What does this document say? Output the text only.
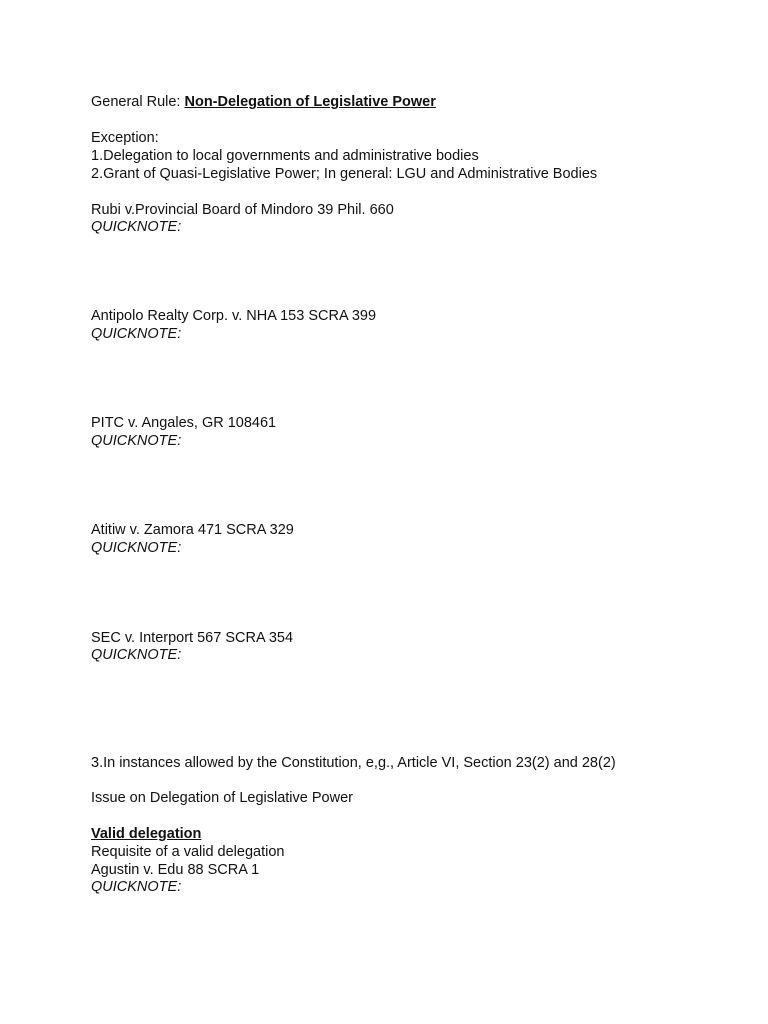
General Rule: Non-Delegation of Legislative Power
Exception:
1.Delegation to local governments and administrative bodies
2.Grant of Quasi-Legislative Power; In general: LGU and Administrative Bodies
Rubi v.Provincial Board of Mindoro 39 Phil. 660
QUICKNOTE:
Antipolo Realty Corp. v. NHA 153 SCRA 399
QUICKNOTE:
PITC v. Angales, GR 108461
QUICKNOTE:
Atitiw v. Zamora 471 SCRA 329
QUICKNOTE:
SEC v. Interport 567 SCRA 354
QUICKNOTE:
3.In instances allowed by the Constitution, e,g., Article VI, Section 23(2) and 28(2)
Issue on Delegation of Legislative Power
Valid delegation
Requisite of a valid delegation
Agustin v. Edu 88 SCRA 1
QUICKNOTE:
